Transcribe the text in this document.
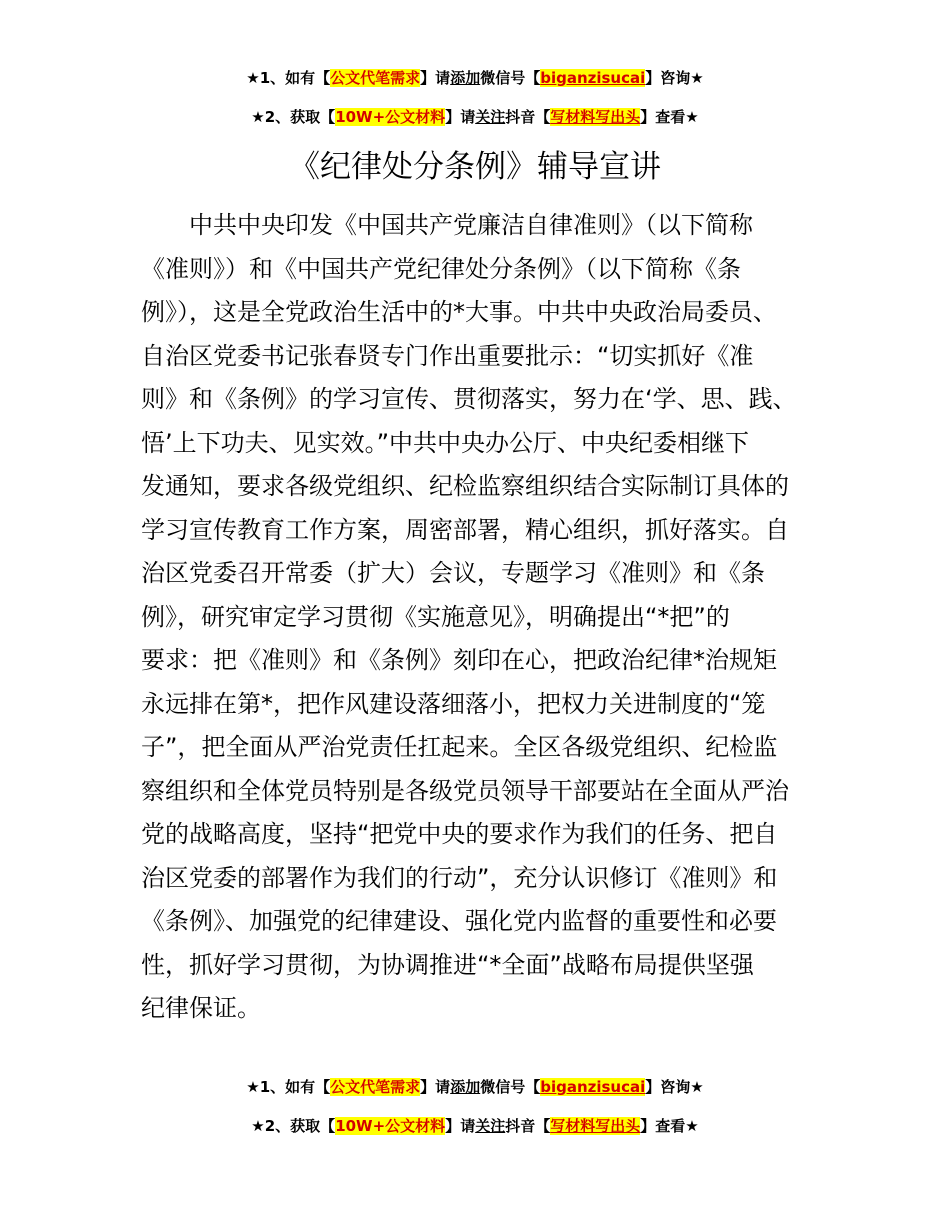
★1、如有【公文代笔需求】请添加微信号【biganzisucai】咨询★
★2、获取【10W+公文材料】请关注抖音【写材料写出头】查看★
《纪律处分条例》辅导宣讲
　　中共中央印发《中国共产党廉洁自律准则》（以下简称
《准则》）和《中国共产党纪律处分条例》（以下简称《条
例》），这是全党政治生活中的*大事。中共中央政治局委员、
自治区党委书记张春贤专门作出重要批示：“切实抓好《准
则》和《条例》的学习宣传、贯彻落实，努力在‘学、思、践、
悟’上下功夫、见实效。”中共中央办公厅、中央纪委相继下
发通知，要求各级党组织、纪检监察组织结合实际制订具体的
学习宣传教育工作方案，周密部署，精心组织，抓好落实。自
治区党委召开常委（扩大）会议，专题学习《准则》和《条
例》，研究审定学习贯彻《实施意见》，明确提出“*把”的
要求：把《准则》和《条例》刻印在心，把政治纪律*治规矩
永远排在第*，把作风建设落细落小，把权力关进制度的“笼
子”，把全面从严治党责任扛起来。全区各级党组织、纪检监
察组织和全体党员特别是各级党员领导干部要站在全面从严治
党的战略高度，坚持“把党中央的要求作为我们的任务、把自
治区党委的部署作为我们的行动”，充分认识修订《准则》和
《条例》、加强党的纪律建设、强化党内监督的重要性和必要
性，抓好学习贯彻，为协调推进“*全面”战略布局提供坚强
纪律保证。
★1、如有【公文代笔需求】请添加微信号【biganzisucai】咨询★
★2、获取【10W+公文材料】请关注抖音【写材料写出头】查看★
